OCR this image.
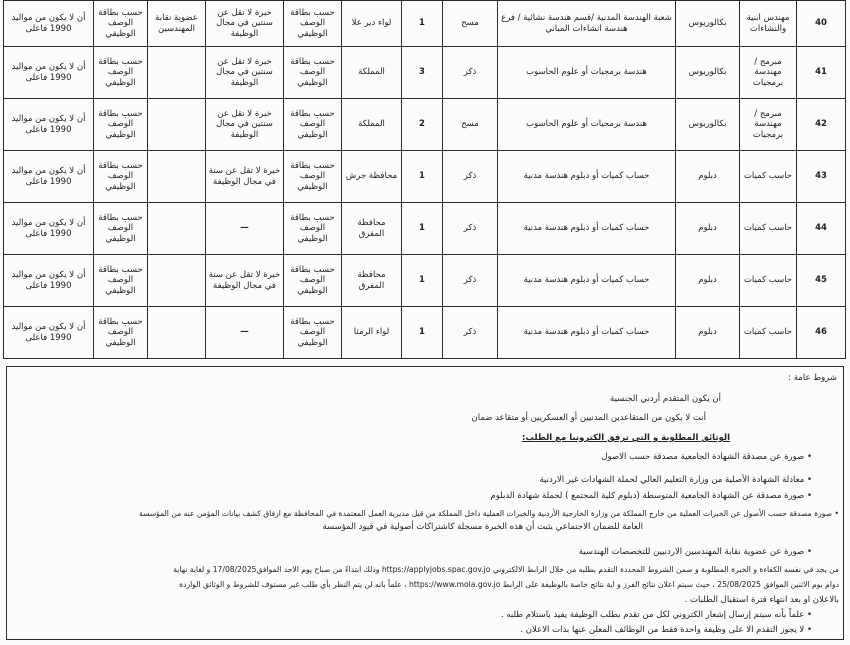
40	مهندس ابنية والنشاءات	بكالوريوس	شعبة الهندسة المدنية /قسم هندسة نشائية / فرع هندسة انشاءات المباني	مسح	1	لواء دير علا	حسب بطاقة الوصف الوظيفي	خبرة لا تقل عن سنتين في مجال الوظيفة	عضوية نقابة المهندسين	حسب بطاقة الوصف الوظيفي	أن لا يكون من مواليد 1990 فاعلى
41	مبرمج /مهندسة برمجيات	بكالوريوس	هندسة برمجيات أو علوم الحاسوب	ذكر	3	المملكة	حسب بطاقة الوصف الوظيفي	خبرة لا تقل عن سنتين في مجال الوظيفة		حسب بطاقة الوصف الوظيفي	أن لا يكون من مواليد 1990 فاعلى
42	مبرمج /مهندسة برمجيات	بكالوريوس	هندسة برمجيات أو علوم الحاسوب	مسح	2	المملكة	حسب بطاقة الوصف الوظيفي	خبرة لا تقل عن سنتين في مجال الوظيفة		حسب بطاقة الوصف الوظيفي	أن لا يكون من مواليد 1990 فاعلى
43	حاسب كميات	دبلوم	حساب كميات أو دبلوم هندسة مدنية	ذكر	1	محافظة جرش	حسب بطاقة الوصف الوظيفي	خبرة لا تقل عن سنة في مجال الوظيفة		حسب بطاقة الوصف الوظيفي	أن لا يكون من مواليد 1990 فاعلى
44	حاسب كميات	دبلوم	حساب كميات أو دبلوم هندسة مدنية	ذكر	1	محافظة المفرق	حسب بطاقة الوصف الوظيفي	—		حسب بطاقة الوصف الوظيفي	أن لا يكون من مواليد 1990 فاعلى
45	حاسب كميات	دبلوم	حساب كميات أو دبلوم هندسة مدنية	ذكر	1	محافظة المفرق	حسب بطاقة الوصف الوظيفي	خبرة لا تقل عن سنة في مجال الوظيفة		حسب بطاقة الوصف الوظيفي	أن لا يكون من مواليد 1990 فاعلى
46	حاسب كميات	دبلوم	حساب كميات أو دبلوم هندسة مدنية	ذكر	1	لواء الرمثا	حسب بطاقة الوصف الوظيفي	—		حسب بطاقة الوصف الوظيفي	أن لا يكون من مواليد 1990 فاعلى
شروط عامة :
أن يكون المتقدم أردني الجنسية
أنت لا يكون من المتقاعدين المدنيين أو العسكريين أو متقاعد ضمان
الوثائق المطلوبة و التي ترفق الكترونيا مع الطلب:
• صورة عن مصدقة الشهادة الجامعية مصدقة حسب الاصول
• معادلة الشهادة الأصلية من وزارة التعليم العالي لحملة الشهادات غير الاردنية
• صورة مصدقة عن الشهادة الجامعية المتوسطة (دبلوم كلية المجتمع ) لحملة شهادة الدبلوم
• صورة مصدقة حسب الأصول عن الخبرات العملية من خارج المملكة من وزارة الخارجية الأردنية والخبرات العملية داخل المملكة من قبل مديرية العمل المعتمدة في المحافظة مع ارفاق كشف بيانات المؤمن عنه من المؤسسة
العامة للضمان الاجتماعي يثبت أن هذه الخبرة مسجلة كاشتراكات أصولية في قيود المؤسسة
• صورة عن عضوية نقابة المهندسين الاردنيين للتخصصات الهندسية
من يجد في نفسه الكفاءة و الخبرة المطلوبة و ضمن الشروط المحددة التقدم بطلبه من خلال الرابط الالكتروني https://applyjobs.spac.gov.jo وذلك ابتداءً من صباح يوم الاحد الموافق17/08/2025 و لغاية نهاية
دوام يوم الاثنين الموافق 25/08/2025 ، حيث سيتم اعلان نتائج الفرز و اية نتائج خاصة بالوظيفة على الرابط https://www.mola.gov.jo ، علماً بانه لن يتم النظر بأي طلب غير مستوف للشروط و الوثائق الواردة
بالاعلان او بعد انتهاء فترة استقبال الطلبات .
• علماً بأنه سيتم إرسال إشعار الكتروني لكل من تقدم بطلب الوظيفة يفيد باستلام طلبه .
• لا يجوز التقدم الا على وظيفة واحدة فقط من الوظائف المعلن عنها بذات الاعلان .
